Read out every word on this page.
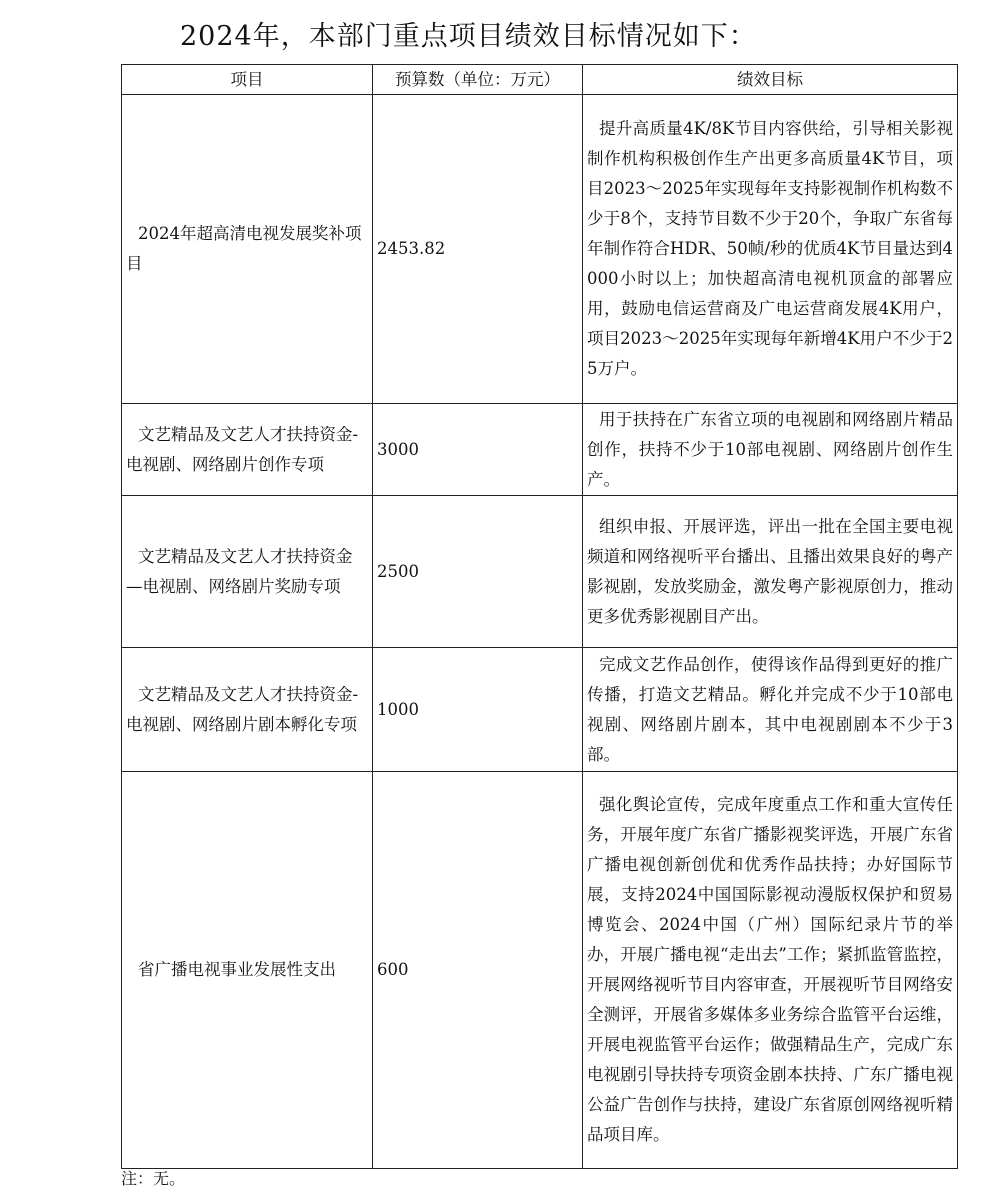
2024年，本部门重点项目绩效目标情况如下：
项目	预算数（单位：万元）	绩效目标
2024年超高清电视发展奖补项目	2453.82	提升高质量4K/8K节目内容供给，引导相关影视制作机构积极创作生产出更多高质量4K节目，项目2023～2025年实现每年支持影视制作机构数不少于8个，支持节目数不少于20个，争取广东省每年制作符合HDR、50帧/秒的优质4K节目量达到4000小时以上；加快超高清电视机顶盒的部署应用，鼓励电信运营商及广电运营商发展4K用户，项目2023～2025年实现每年新增4K用户不少于25万户。
文艺精品及文艺人才扶持资金-电视剧、网络剧片创作专项	3000	用于扶持在广东省立项的电视剧和网络剧片精品创作，扶持不少于10部电视剧、网络剧片创作生产。
文艺精品及文艺人才扶持资金—电视剧、网络剧片奖励专项	2500	组织申报、开展评选，评出一批在全国主要电视频道和网络视听平台播出、且播出效果良好的粤产影视剧，发放奖励金，激发粤产影视原创力，推动更多优秀影视剧目产出。
文艺精品及文艺人才扶持资金-电视剧、网络剧片剧本孵化专项	1000	完成文艺作品创作，使得该作品得到更好的推广传播，打造文艺精品。孵化并完成不少于10部电视剧、网络剧片剧本，其中电视剧剧本不少于3部。
省广播电视事业发展性支出	600	强化舆论宣传，完成年度重点工作和重大宣传任务，开展年度广东省广播影视奖评选，开展广东省广播电视创新创优和优秀作品扶持；办好国际节展，支持2024中国国际影视动漫版权保护和贸易博览会、2024中国（广州）国际纪录片节的举办，开展广播电视“走出去”工作；紧抓监管监控，开展网络视听节目内容审查，开展视听节目网络安全测评，开展省多媒体多业务综合监管平台运维，开展电视监管平台运作；做强精品生产，完成广东电视剧引导扶持专项资金剧本扶持、广东广播电视公益广告创作与扶持，建设广东省原创网络视听精品项目库。
注：无。
